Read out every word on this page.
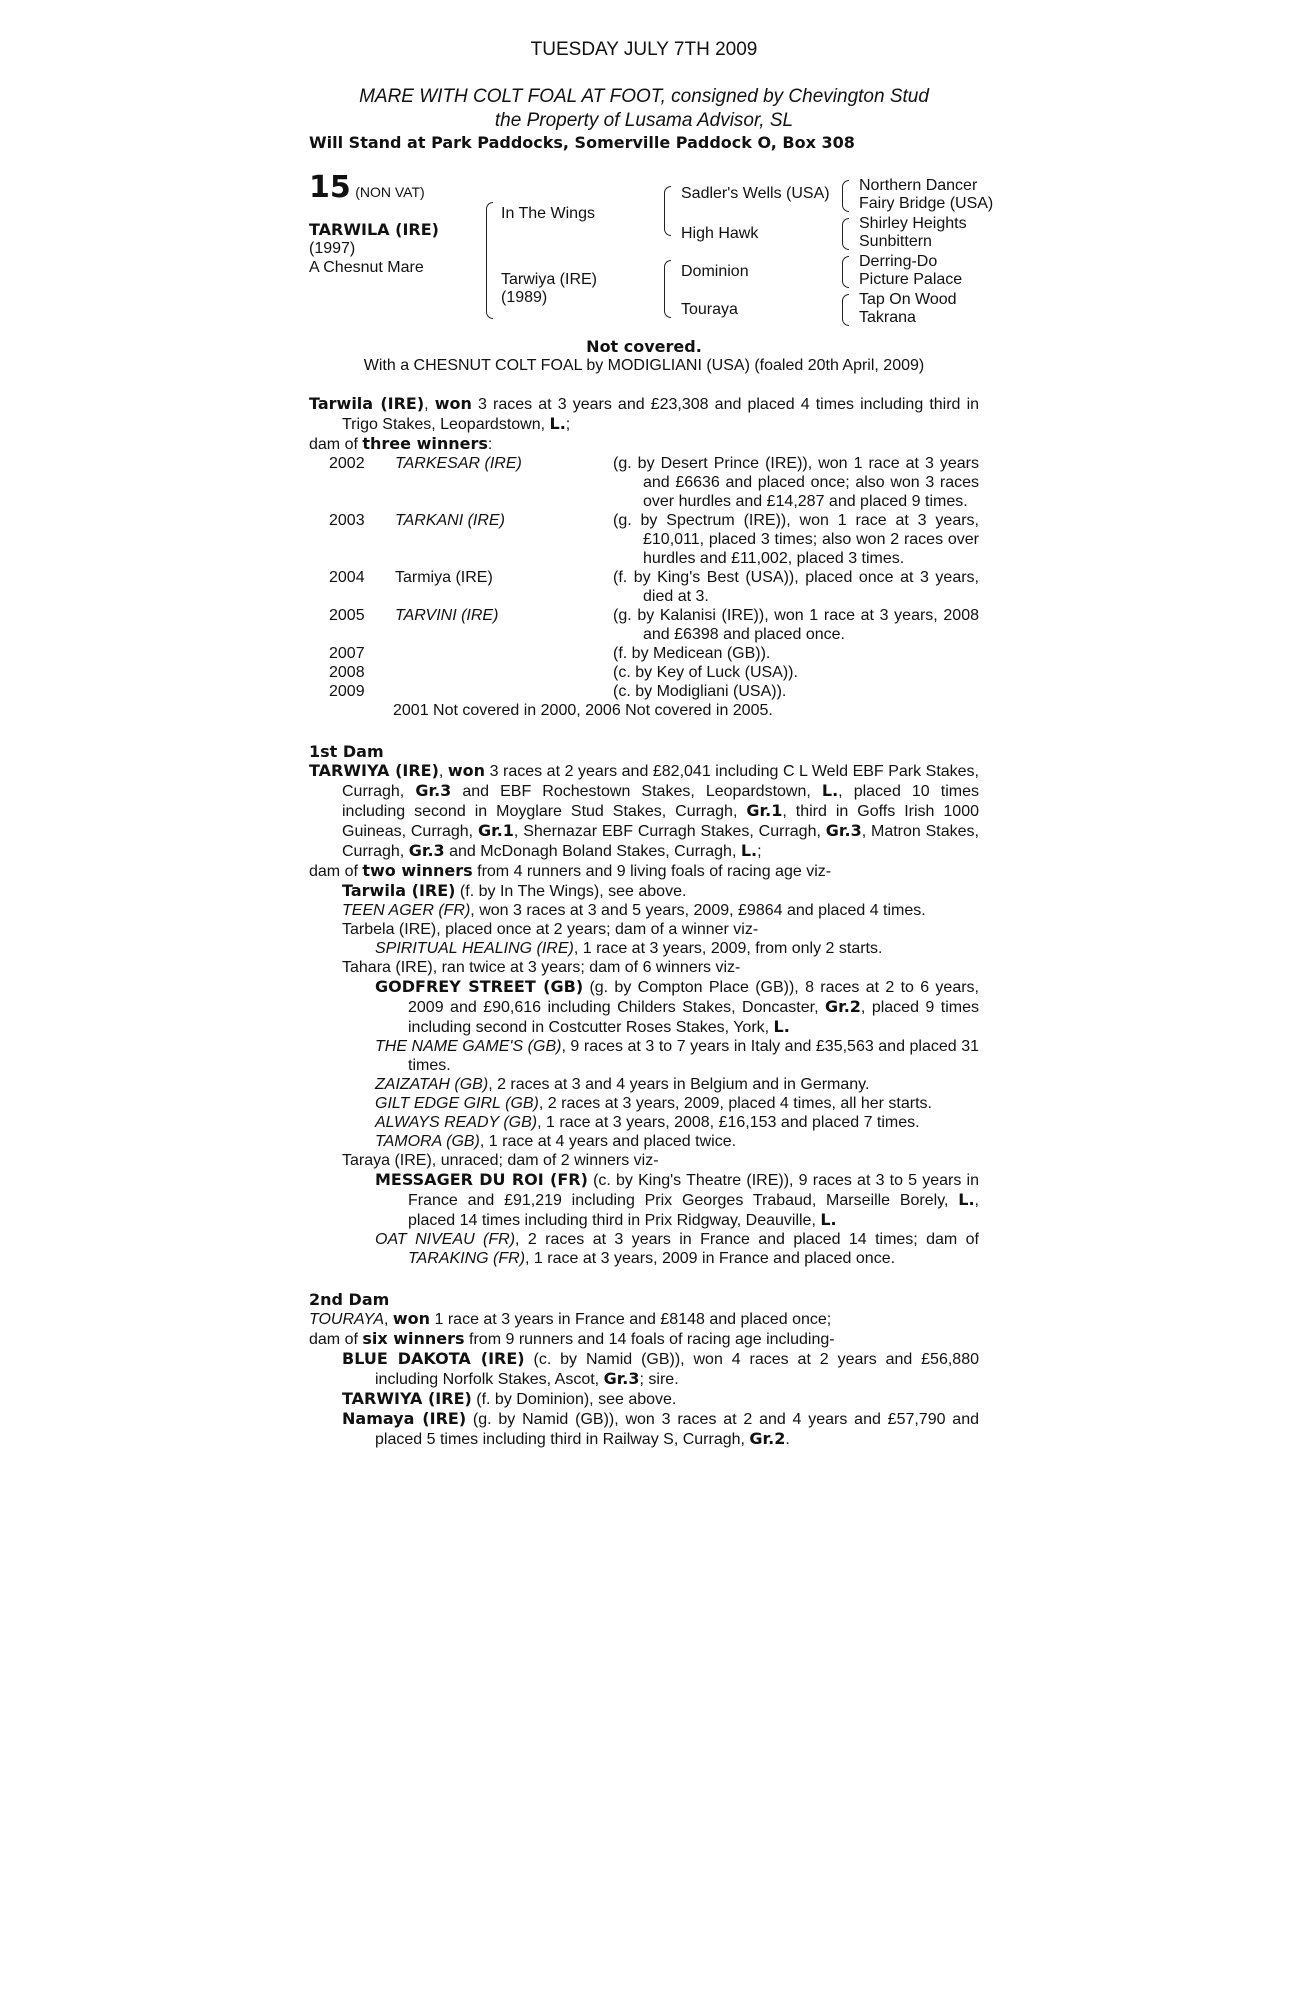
TUESDAY JULY 7TH 2009
MARE WITH COLT FOAL AT FOOT, consigned by Chevington Stud
the Property of Lusama Advisor, SL
Will Stand at Park Paddocks, Somerville Paddock O, Box 308
15 (NON VAT)
TARWILA (IRE)
(1997)
A Chesnut Mare
In The Wings
Tarwiya (IRE)
(1989)
Sadler's Wells (USA)
High Hawk
Dominion
Touraya
Northern Dancer
Fairy Bridge (USA)
Shirley Heights
Sunbittern
Derring-Do
Picture Palace
Tap On Wood
Takrana
Not covered.
With a CHESNUT COLT FOAL by MODIGLIANI (USA) (foaled 20th April, 2009)
Tarwila (IRE), won 3 races at 3 years and £23,308 and placed 4 times including third in Trigo Stakes, Leopardstown, L.;
dam of three winners:
2002	TARKESAR (IRE)	(g. by Desert Prince (IRE)), won 1 race at 3 years and £6636 and placed once; also won 3 races over hurdles and £14,287 and placed 9 times.
2003	TARKANI (IRE)	(g. by Spectrum (IRE)), won 1 race at 3 years, £10,011, placed 3 times; also won 2 races over hurdles and £11,002, placed 3 times.
2004	Tarmiya (IRE)	(f. by King's Best (USA)), placed once at 3 years, died at 3.
2005	TARVINI (IRE)	(g. by Kalanisi (IRE)), won 1 race at 3 years, 2008 and £6398 and placed once.
2007	(f. by Medicean (GB)).
2008	(c. by Key of Luck (USA)).
2009	(c. by Modigliani (USA)).
2001 Not covered in 2000, 2006 Not covered in 2005.
1st Dam
TARWIYA (IRE), won 3 races at 2 years and £82,041 including C L Weld EBF Park Stakes, Curragh, Gr.3 and EBF Rochestown Stakes, Leopardstown, L., placed 10 times including second in Moyglare Stud Stakes, Curragh, Gr.1, third in Goffs Irish 1000 Guineas, Curragh, Gr.1, Shernazar EBF Curragh Stakes, Curragh, Gr.3, Matron Stakes, Curragh, Gr.3 and McDonagh Boland Stakes, Curragh, L.;
dam of two winners from 4 runners and 9 living foals of racing age viz-
Tarwila (IRE) (f. by In The Wings), see above.
TEEN AGER (FR), won 3 races at 3 and 5 years, 2009, £9864 and placed 4 times.
Tarbela (IRE), placed once at 2 years; dam of a winner viz-
SPIRITUAL HEALING (IRE), 1 race at 3 years, 2009, from only 2 starts.
Tahara (IRE), ran twice at 3 years; dam of 6 winners viz-
GODFREY STREET (GB) (g. by Compton Place (GB)), 8 races at 2 to 6 years, 2009 and £90,616 including Childers Stakes, Doncaster, Gr.2, placed 9 times including second in Costcutter Roses Stakes, York, L.
THE NAME GAME'S (GB), 9 races at 3 to 7 years in Italy and £35,563 and placed 31 times.
ZAIZATAH (GB), 2 races at 3 and 4 years in Belgium and in Germany.
GILT EDGE GIRL (GB), 2 races at 3 years, 2009, placed 4 times, all her starts.
ALWAYS READY (GB), 1 race at 3 years, 2008, £16,153 and placed 7 times.
TAMORA (GB), 1 race at 4 years and placed twice.
Taraya (IRE), unraced; dam of 2 winners viz-
MESSAGER DU ROI (FR) (c. by King's Theatre (IRE)), 9 races at 3 to 5 years in France and £91,219 including Prix Georges Trabaud, Marseille Borely, L., placed 14 times including third in Prix Ridgway, Deauville, L.
OAT NIVEAU (FR), 2 races at 3 years in France and placed 14 times; dam of TARAKING (FR), 1 race at 3 years, 2009 in France and placed once.
2nd Dam
TOURAYA, won 1 race at 3 years in France and £8148 and placed once;
dam of six winners from 9 runners and 14 foals of racing age including-
BLUE DAKOTA (IRE) (c. by Namid (GB)), won 4 races at 2 years and £56,880 including Norfolk Stakes, Ascot, Gr.3; sire.
TARWIYA (IRE) (f. by Dominion), see above.
Namaya (IRE) (g. by Namid (GB)), won 3 races at 2 and 4 years and £57,790 and placed 5 times including third in Railway S, Curragh, Gr.2.
